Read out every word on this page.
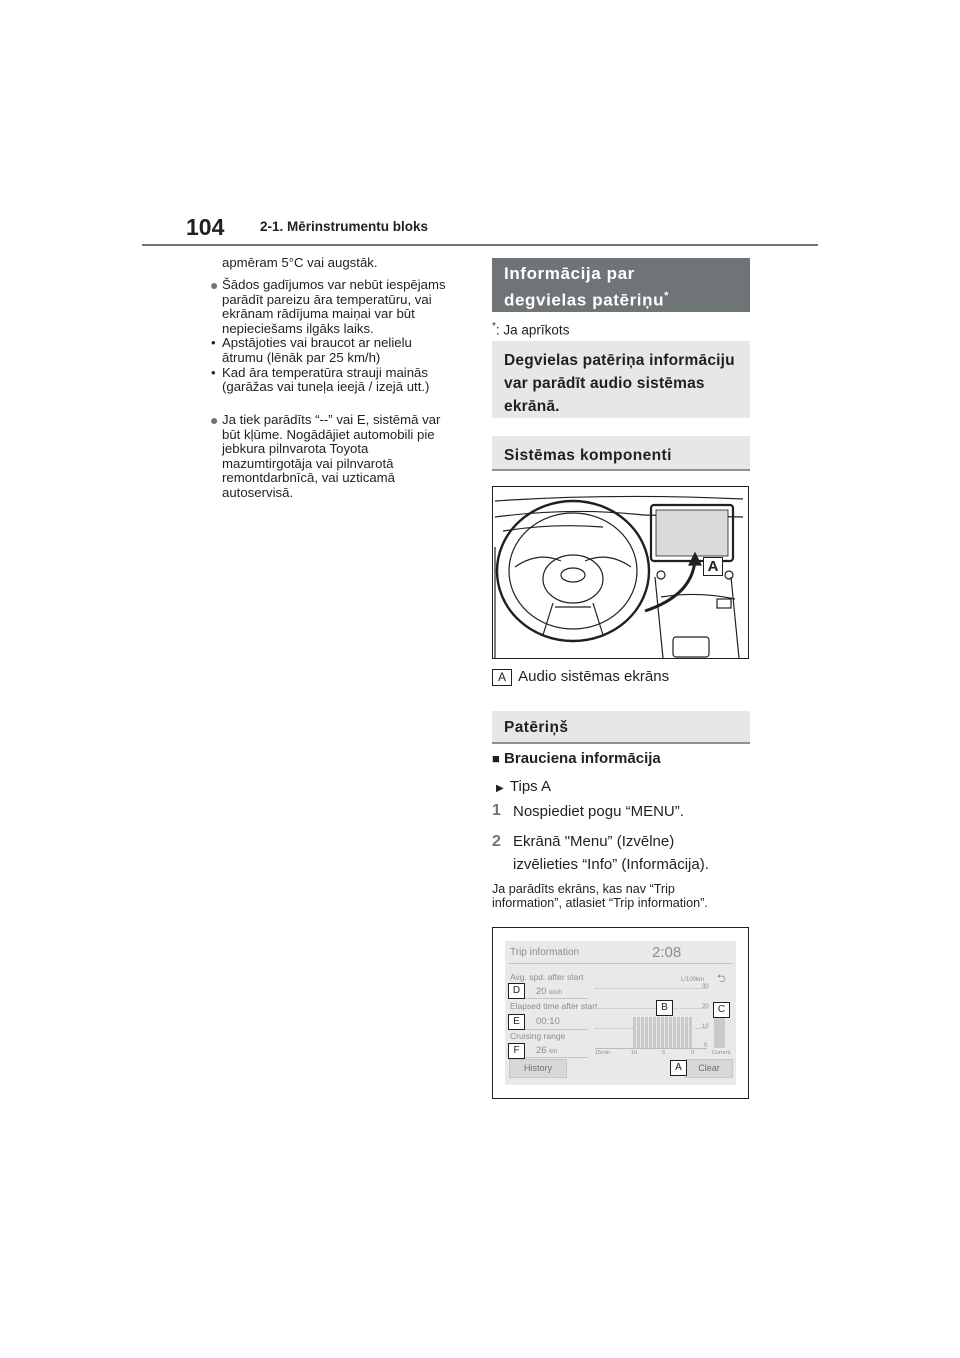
104	2-1. Mērinstrumentu bloks
apmēram 5°C vai augstāk.
● Šādos gadījumos var nebūt iespējams
parādīt pareizu āra temperatūru, vai
ekrānam rādījuma maiņai var būt
nepieciešams ilgāks laiks.
• Apstājoties vai braucot ar nelielu
ātrumu (lēnāk par 25 km/h)
• Kad āra temperatūra strauji mainās
(garāžas vai tuneļa ieejā / izejā utt.)
● Ja tiek parādīts “--” vai E, sistēmā var
būt kļūme. Nogādājiet automobili pie
jebkura pilnvarota Toyota
mazumtirgotāja vai pilnvarotā
remontdarbnīcā, vai uzticamā
autoservisā.
Informācija par
degvielas patēriņu*
*: Ja aprīkots
Degvielas patēriņa informāciju
var parādīt audio sistēmas
ekrānā.
Sistēmas komponenti
A
A Audio sistēmas ekrāns
Patēriņš
■ Brauciena informācija
▶ Tips A
1 Nospiediet pogu “MENU”.
2 Ekrānā "Menu” (Izvēlne)
izvēlieties “Info” (Informācija).
Ja parādīts ekrāns, kas nav “Trip
information”, atlasiet “Trip information”.
Trip information	2:08
Avg. spd. after start
20 km/h
Elapsed time after start
00:10
Cruising range
26 km
L/100km ⮌
30
20
10
0
15min	10	5	0	Current
History	Clear
D
E
F
B	C
A
